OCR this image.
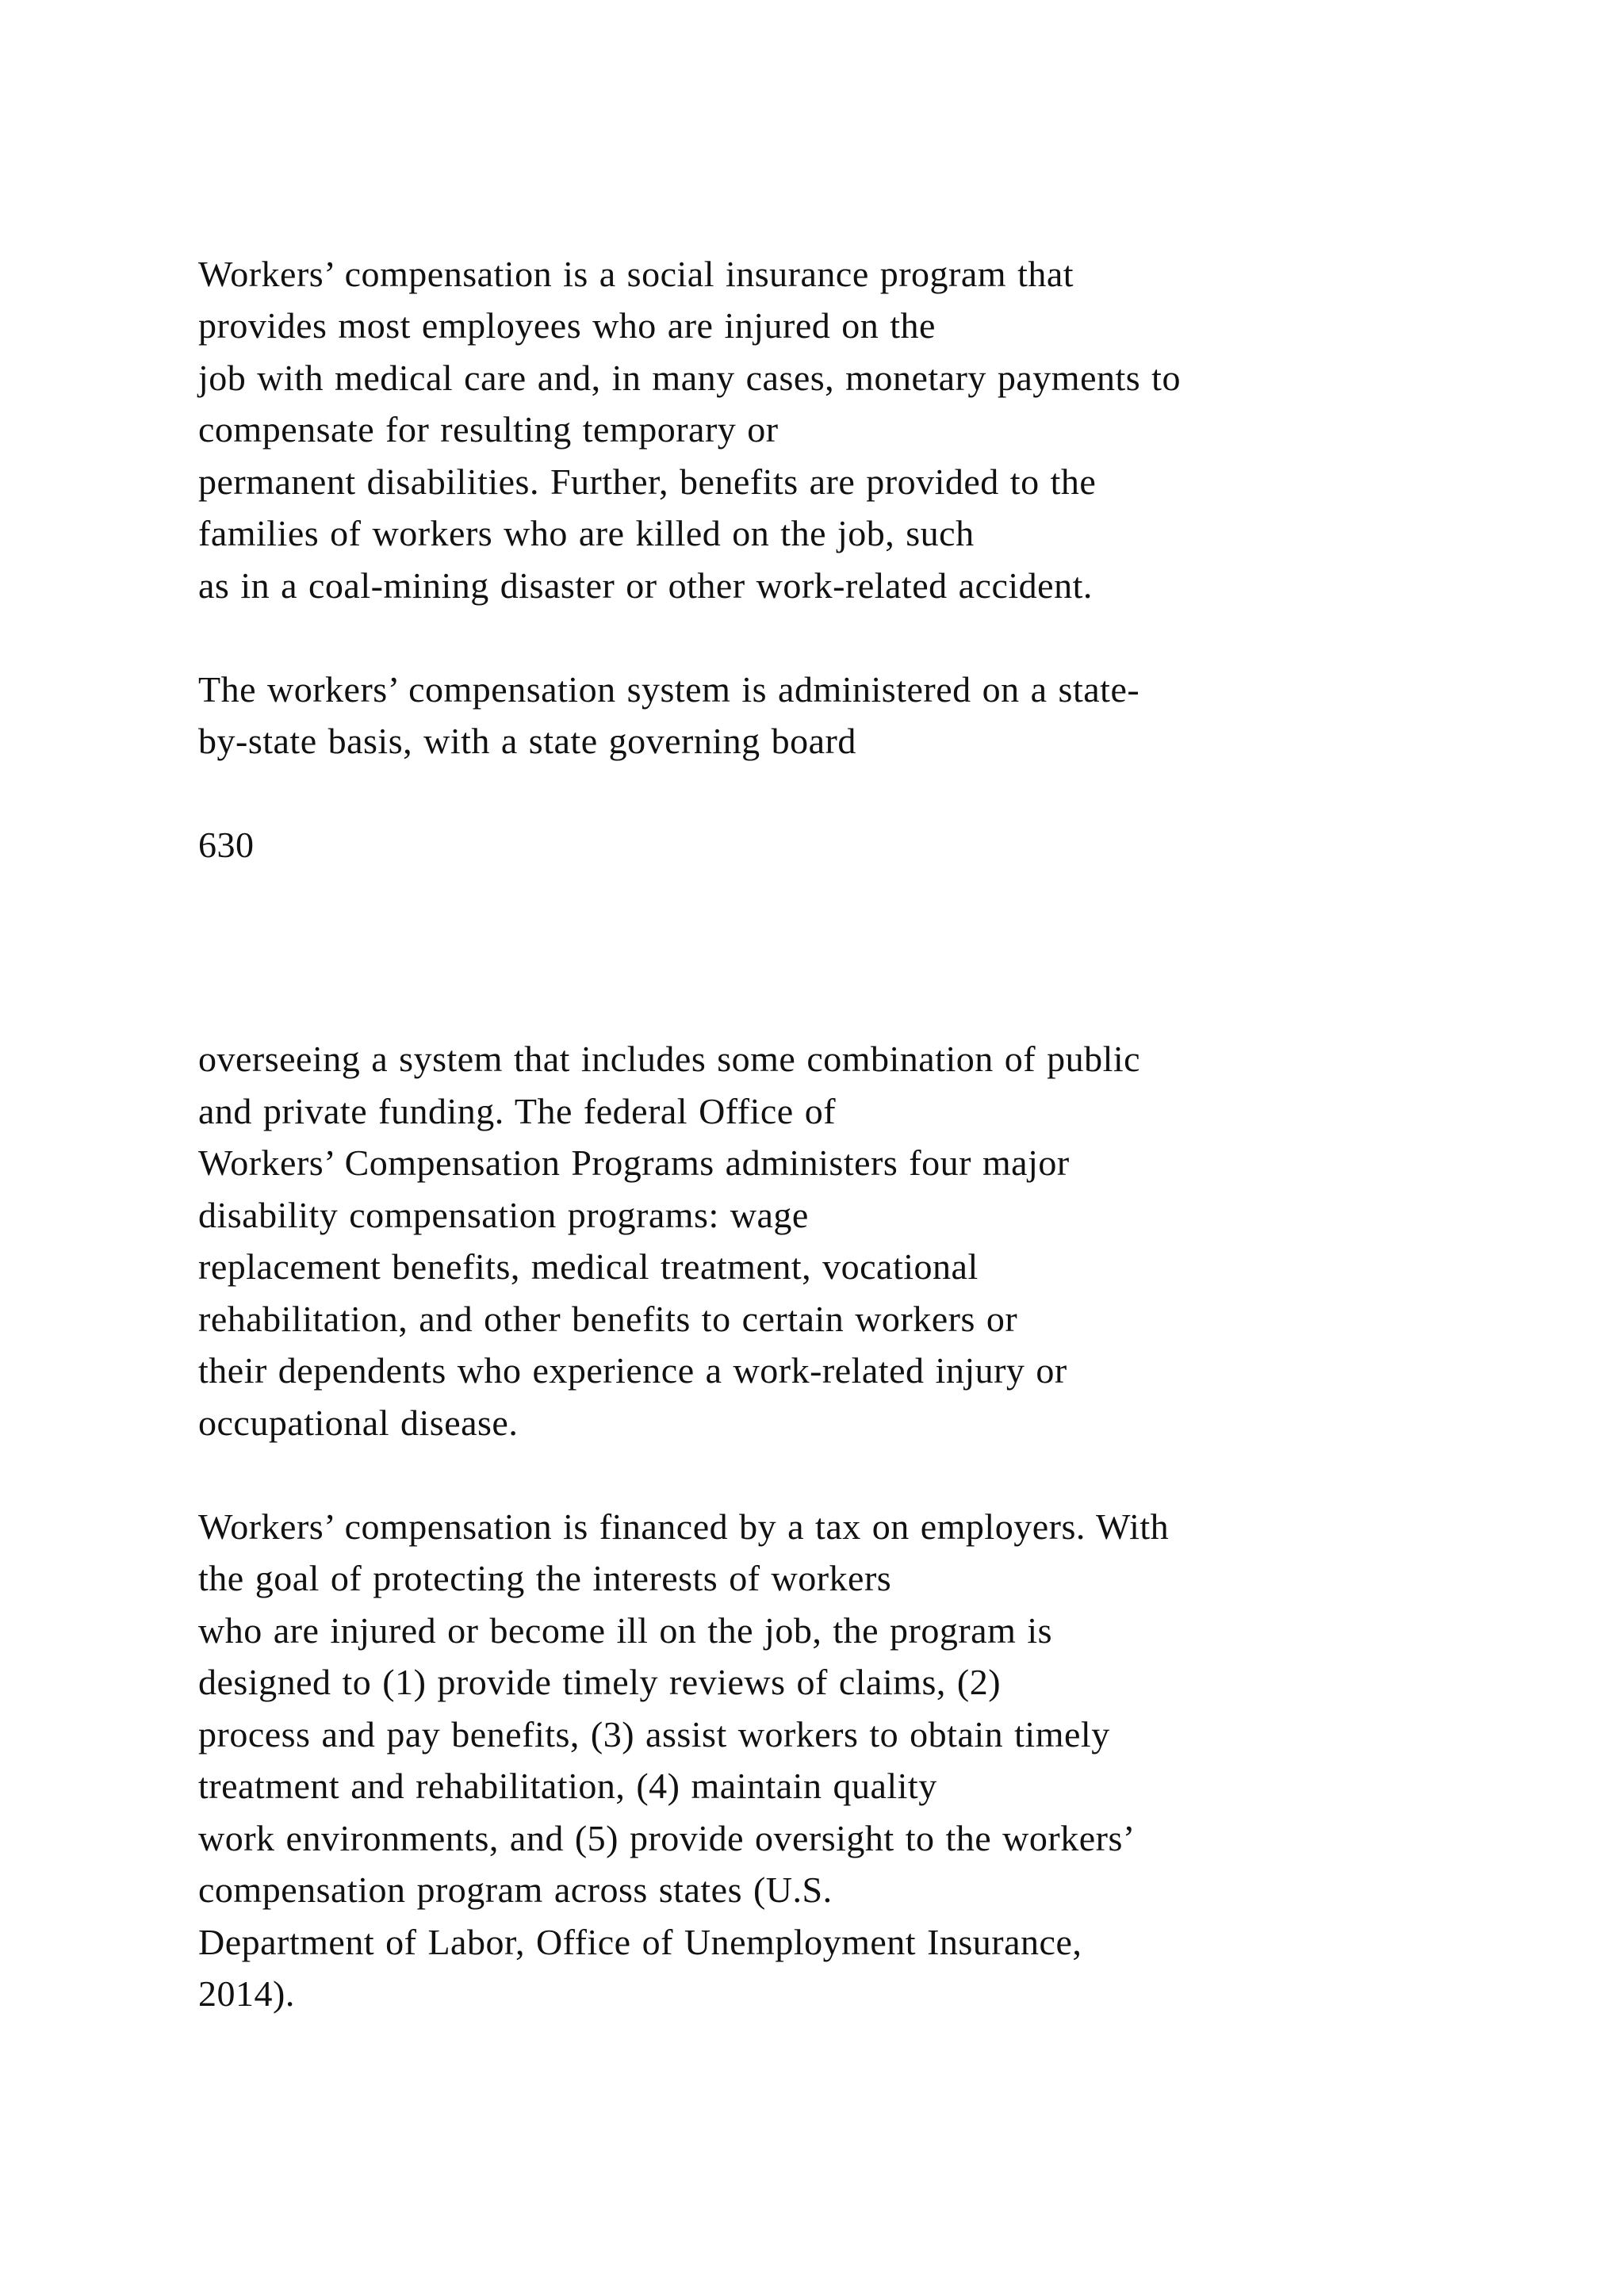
Workers’ compensation is a social insurance program that
provides most employees who are injured on the
job with medical care and, in many cases, monetary payments to
compensate for resulting temporary or
permanent disabilities. Further, benefits are provided to the
families of workers who are killed on the job, such
as in a coal-mining disaster or other work-related accident.
The workers’ compensation system is administered on a state-
by-state basis, with a state governing board
630
overseeing a system that includes some combination of public
and private funding. The federal Office of
Workers’ Compensation Programs administers four major
disability compensation programs: wage
replacement benefits, medical treatment, vocational
rehabilitation, and other benefits to certain workers or
their dependents who experience a work-related injury or
occupational disease.
Workers’ compensation is financed by a tax on employers. With
the goal of protecting the interests of workers
who are injured or become ill on the job, the program is
designed to (1) provide timely reviews of claims, (2)
process and pay benefits, (3) assist workers to obtain timely
treatment and rehabilitation, (4) maintain quality
work environments, and (5) provide oversight to the workers’
compensation program across states (U.S.
Department of Labor, Office of Unemployment Insurance,
2014).
